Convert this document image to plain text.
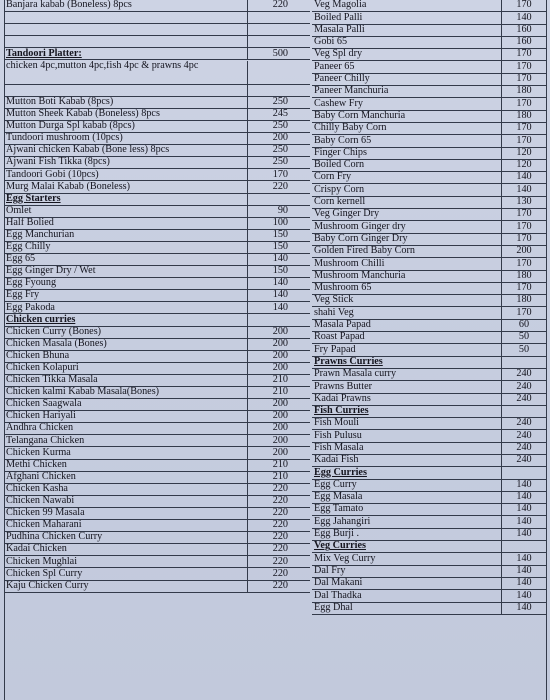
Banjara kabab (Boneless) 8pcs	220
Tandoori Platter:	500
chicken 4pc,mutton 4pc,fish 4pc & prawns 4pc
Mutton Boti Kabab (8pcs)	250
Mutton Sheek Kabab (Boneless) 8pcs	245
Mutton Durga Spl kabab (8pcs)	250
Tundoori mushroom (10pcs)	200
Ajwani chicken Kabab (Bone less) 8pcs	250
Ajwani Fish Tikka (8pcs)	250
Tandoori Gobi (10pcs)	170
Murg Malai Kabab (Boneless)	220
Egg Starters
Omlet	90
Half Bolied	100
Egg Manchurian	150
Egg Chilly	150
Egg 65	140
Egg Ginger Dry / Wet	150
Egg Fyoung	140
Egg Fry	140
Egg Pakoda	140
Chicken curries
Chicken Curry (Bones)	200
Chicken Masala (Bones)	200
Chicken Bhuna	200
Chicken Kolapuri	200
Chicken Tikka Masala	210
Chicken kalmi Kabab Masala(Bones)	210
Chicken Saagwala	200
Chicken Hariyali	200
Andhra Chicken	200
Telangana Chicken	200
Chicken Kurma	200
Methi Chicken	210
Afghani Chicken	210
Chicken Kasha	220
Chicken Nawabi	220
Chicken 99 Masala	220
Chicken Maharani	220
Pudhina Chicken Curry	220
Kadai Chicken	220
Chicken Mughlai	220
Chicken Spl Curry	220
Kaju Chicken Curry	220
Veg Magolia	170
Boiled Palli	140
Masala Palli	160
Gobi 65	160
Veg Spl dry	170
Paneer 65	170
Paneer Chilly	170
Paneer Manchuria	180
Cashew Fry	170
Baby Corn Manchuria	180
Chilly Baby Corn	170
Baby Corn 65	170
Finger Chips	120
Boiled Corn	120
Corn Fry	140
Crispy Corn	140
Corn kernell	130
Veg Ginger Dry	170
Mushroom Ginger dry	170
Baby Corn Ginger Dry	170
Golden Fired Baby Corn	200
Mushroom Chilli	170
Mushroom Manchuria	180
Mushroom 65	170
Veg Stick	180
shahi Veg	170
Masala Papad	60
Roast Papad	50
Fry Papad	50
Prawns Curries
Prawn Masala curry	240
Prawns Butter	240
Kadai Prawns	240
Fish Curries
Fish Mouli	240
Fish Pulusu	240
Fish Masala	240
Kadai Fish	240
Egg Curries
Egg Curry	140
Egg Masala	140
Egg Tamato	140
Egg Jahangiri	140
Egg Burji .	140
Veg Curries
Mix Veg Curry	140
Dal Fry	140
Dal Makani	140
Dal Thadka	140
Egg Dhal	140
